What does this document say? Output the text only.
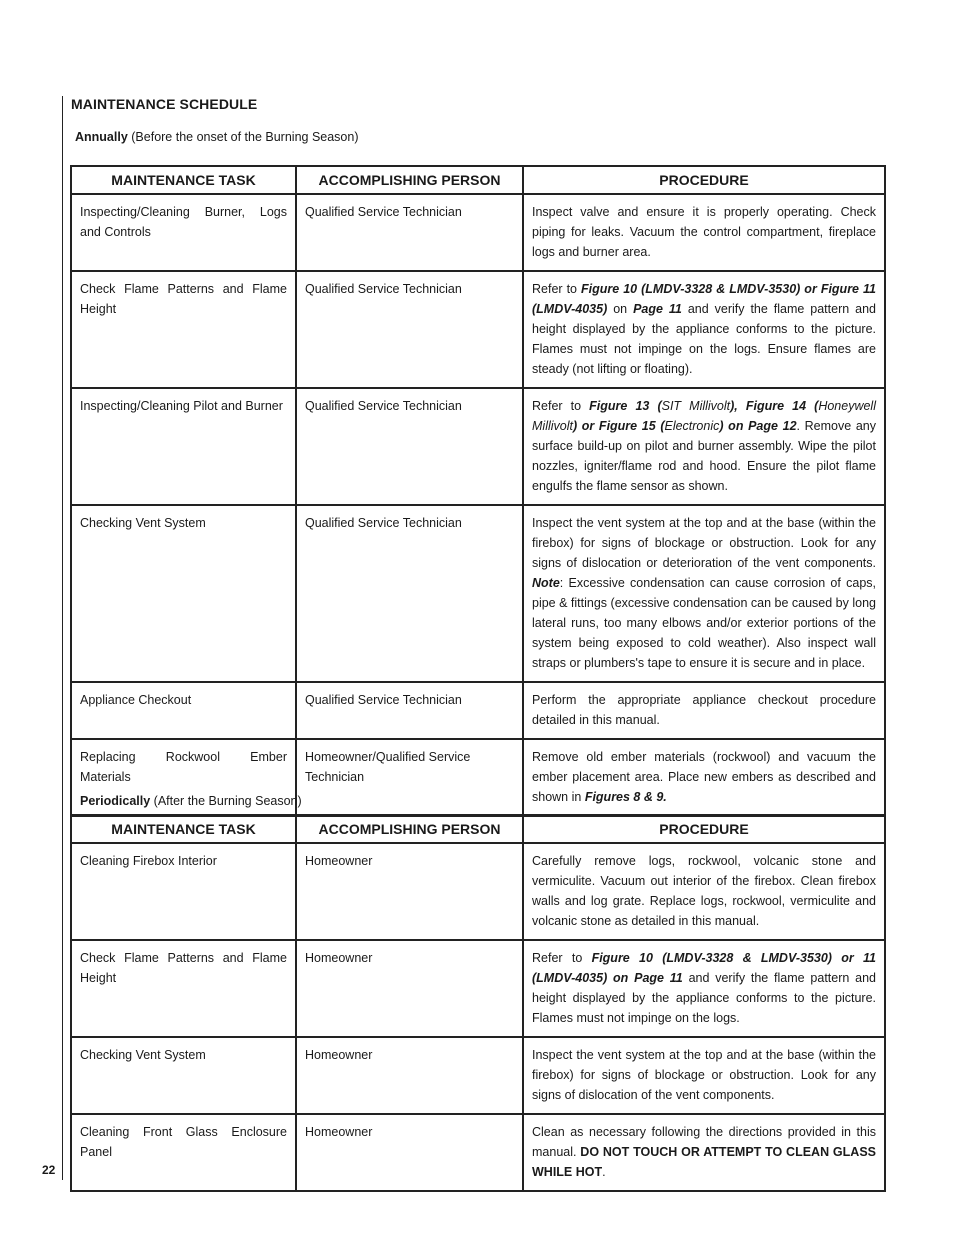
MAINTENANCE SCHEDULE
Annually (Before the onset of the Burning Season)
MAINTENANCE TASK	ACCOMPLISHING PERSON	PROCEDURE
Inspecting/Cleaning Burner, Logs and Controls	Qualified Service Technician	Inspect valve and ensure it is properly operating. Check piping for leaks. Vacuum the control compartment, fireplace logs and burner area.
Check Flame Patterns and Flame Height	Qualified Service Technician	Refer to Figure 10 (LMDV-3328 & LMDV-3530) or Figure 11 (LMDV-4035) on Page 11 and verify the flame pattern and height displayed by the appliance conforms to the picture. Flames must not impinge on the logs. Ensure flames are steady (not lifting or floating).
Inspecting/Cleaning Pilot and Burner	Qualified Service Technician	Refer to Figure 13 (SIT Millivolt), Figure 14 (Honeywell Millivolt) or Figure 15 (Electronic) on Page 12. Remove any surface build-up on pilot and burner assembly. Wipe the pilot nozzles, igniter/flame rod and hood. Ensure the pilot flame engulfs the flame sensor as shown.
Checking Vent System	Qualified Service Technician	Inspect the vent system at the top and at the base (within the firebox) for signs of blockage or obstruction. Look for any signs of dislocation or deterioration of the vent components. Note: Excessive condensation can cause corrosion of caps, pipe & fittings (excessive condensation can be caused by long lateral runs, too many elbows and/or exterior portions of the system being exposed to cold weather). Also inspect wall straps or plumbers's tape to ensure it is secure and in place.
Appliance Checkout	Qualified Service Technician	Perform the appropriate appliance checkout procedure detailed in this manual.
Replacing Rockwool Ember Materials	Homeowner/Qualified Service Technician	Remove old ember materials (rockwool) and vacuum the ember placement area. Place new embers as described and shown in Figures 8 & 9.
Periodically (After the Burning Season)
MAINTENANCE TASK	ACCOMPLISHING PERSON	PROCEDURE
Cleaning Firebox Interior	Homeowner	Carefully remove logs, rockwool, volcanic stone and vermiculite. Vacuum out interior of the firebox. Clean firebox walls and log grate. Replace logs, rockwool, vermiculite and volcanic stone as detailed in this manual.
Check Flame Patterns and Flame Height	Homeowner	Refer to Figure 10 (LMDV-3328 & LMDV-3530) or 11 (LMDV-4035) on Page 11 and verify the flame pattern and height displayed by the appliance conforms to the picture. Flames must not impinge on the logs.
Checking Vent System	Homeowner	Inspect the vent system at the top and at the base (within the firebox) for signs of blockage or obstruction. Look for any signs of dislocation of the vent components.
Cleaning Front Glass Enclosure Panel	Homeowner	Clean as necessary following the directions provided in this manual. DO NOT TOUCH OR ATTEMPT TO CLEAN GLASS WHILE HOT.
22
